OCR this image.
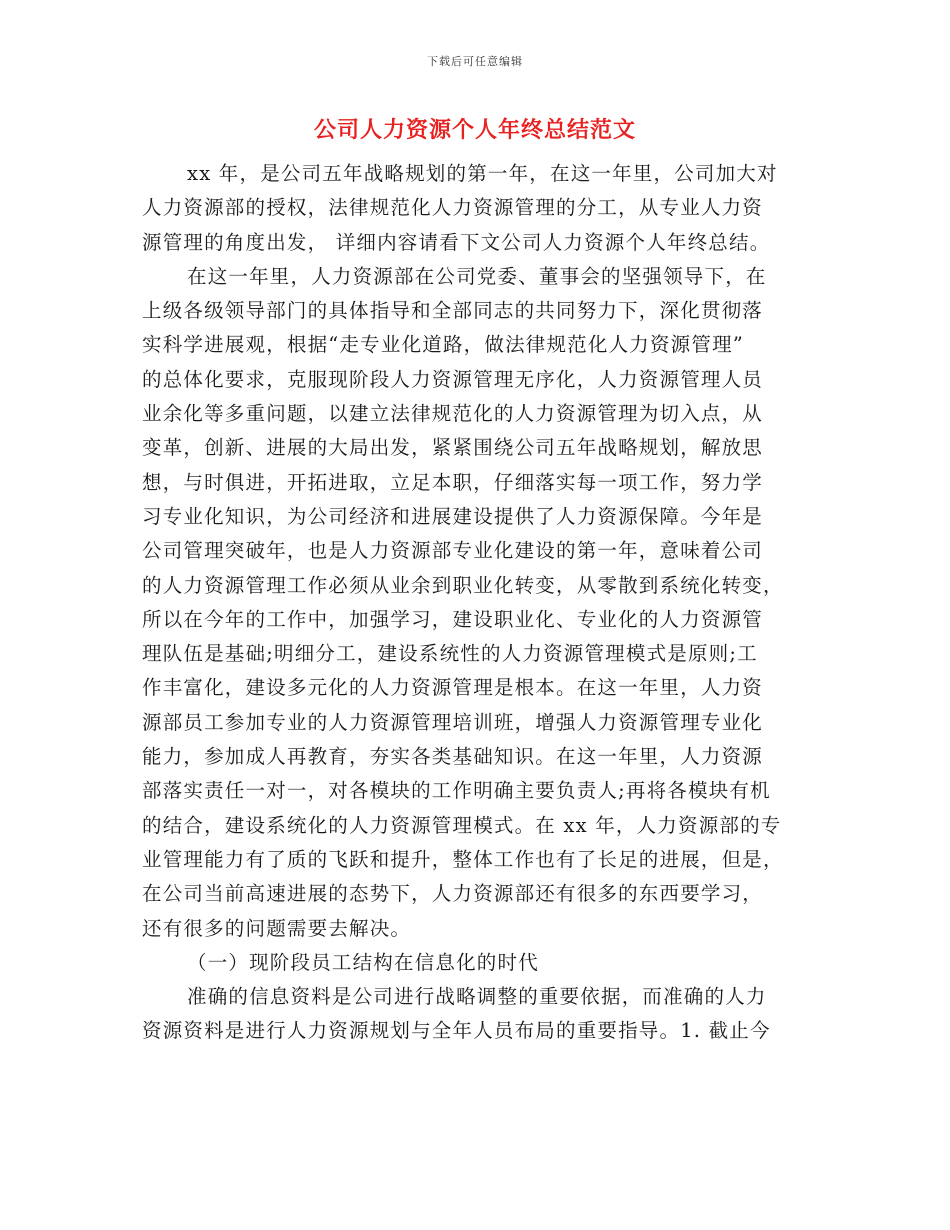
下载后可任意编辑
公司人力资源个人年终总结范文
xx 年，是公司五年战略规划的第一年，在这一年里，公司加大对
人力资源部的授权，法律规范化人力资源管理的分工，从专业人力资
源管理的角度出发， 详细内容请看下文公司人力资源个人年终总结。
在这一年里，人力资源部在公司党委、董事会的坚强领导下，在
上级各级领导部门的具体指导和全部同志的共同努力下，深化贯彻落
实科学进展观，根据“走专业化道路，做法律规范化人力资源管理”
的总体化要求，克服现阶段人力资源管理无序化，人力资源管理人员
业余化等多重问题，以建立法律规范化的人力资源管理为切入点，从
变革，创新、进展的大局出发，紧紧围绕公司五年战略规划，解放思
想，与时俱进，开拓进取，立足本职，仔细落实每一项工作，努力学
习专业化知识，为公司经济和进展建设提供了人力资源保障。今年是
公司管理突破年，也是人力资源部专业化建设的第一年，意味着公司
的人力资源管理工作必须从业余到职业化转变，从零散到系统化转变，
所以在今年的工作中，加强学习，建设职业化、专业化的人力资源管
理队伍是基础;明细分工，建设系统性的人力资源管理模式是原则;工
作丰富化，建设多元化的人力资源管理是根本。在这一年里，人力资
源部员工参加专业的人力资源管理培训班，增强人力资源管理专业化
能力，参加成人再教育，夯实各类基础知识。在这一年里，人力资源
部落实责任一对一，对各模块的工作明确主要负责人;再将各模块有机
的结合，建设系统化的人力资源管理模式。在 xx 年，人力资源部的专
业管理能力有了质的飞跃和提升，整体工作也有了长足的进展，但是，
在公司当前高速进展的态势下，人力资源部还有很多的东西要学习，
还有很多的问题需要去解决。
（一）现阶段员工结构在信息化的时代
准确的信息资料是公司进行战略调整的重要依据，而准确的人力
资源资料是进行人力资源规划与全年人员布局的重要指导。1. 截止今
